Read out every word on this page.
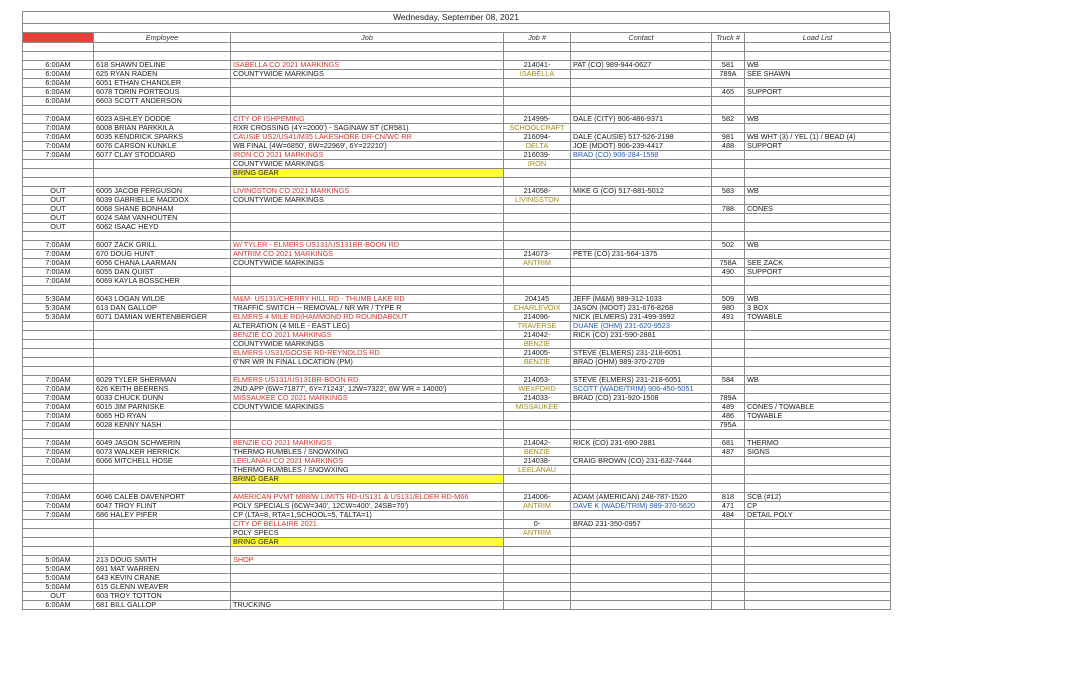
Wednesday, September 08, 2021
Time	Employee	Job	Job #	Contact	Truck #	Load List

6:00AM	618 SHAWN DELINE	ISABELLA CO 2021 MARKINGS	214041-	PAT (CO) 989-944-0627	581	WB
6:00AM	625 RYAN RADEN	COUNTYWIDE MARKINGS	ISABELLA		789A	SEE SHAWN
6:00AM	6051 ETHAN CHANDLER					
6:00AM	6078 TORIN PORTEOUS				465	SUPPORT
6:00AM	6603 SCOTT ANDERSON					

7:00AM	6023 ASHLEY DODDE	CITY OF ISHPEMING	214995-	DALE (CITY) 906-486-9371	582	WB
7:00AM	6008 BRIAN PARKKILA	RXR CROSSING (4Y=2000') - SAGINAW ST (CR581)	SCHOOLCRAFT			
7:00AM	6035 KENDRICK SPARKS	CAUSIE US2/US41/M35 LAKESHORE DR-CN/WC RR	216094-	DALE (CAUSIE) 517-526-2198	981	WB WHT (3) / YEL (1) / BEAD (4)
7:00AM	6076 CARSON KUNKLE	WB FINAL (4W=6850', 6W=22969', 6Y=22210')	DELTA	JOE (MDOT) 906-239-4417	488	SUPPORT
7:00AM	6077 CLAY STODDARD	IRON CO 2021 MARKINGS	216039-	BRAD (CO) 906-284-1598		
		COUNTYWIDE MARKINGS	IRON			
		BRING GEAR				

OUT	6005 JACOB FERGUSON	LIVINGSTON CO 2021 MARKINGS	214058-	MIKE G (CO) 517-881-5012	583	WB
OUT	6039 GABRIELLE MADDOX	COUNTYWIDE MARKINGS	LIVINGSTON			
OUT	6068 SHANE BONHAM				788	CONES
OUT	6024 SAM VANHOUTEN					
OUT	6062 ISAAC HEYD					

7:00AM	6007 ZACK GRILL	W/ TYLER - ELMERS US131/US131BR-BOON RD			502	WB
7:00AM	670 DOUG HUNT	ANTRIM CO 2021 MARKINGS	214073-	PETE (CO) 231-564-1375		
7:00AM	6056 CHANA LAARMAN	COUNTYWIDE MARKINGS	ANTRIM		758A	SEE ZACK
7:00AM	6055 DAN QUIST				490	SUPPORT
7:00AM	6069 KAYLA BOSSCHER					

5:30AM	6043 LOGAN WILDE	M&M- US131/CHERRY HILL RD - THUMB LAKE RD	204145	JEFF (M&M) 989-312-1033	509	WB
5:30AM	613 DAN GALLOP	TRAFFIC SWITCH -- REMOVAL / NR WR / TYPE R	CHARLEVOIX	JASON (MDOT) 231-676-8268	980	3 BOX
5:30AM	6071 DAMIAN WERTENBERGER	ELMERS 4 MILE RD/HAMMOND RD ROUNDABOUT	214096-	NICK (ELMERS) 231-499-3992	491	TOWABLE
		ALTERATION (4 MILE - EAST LEG)	TRAVERSE	DUANE (OHM) 231-620-9523		
		BENZIE CO 2021 MARKINGS	214042-	RICK (CO) 231-590-2881		
		COUNTYWIDE MARKINGS	BENZIE			
		ELMERS US31/GOOSE RD-REYNOLDS RD	214005-	STEVE (ELMERS) 231-218-6051		
		6"NR WR IN FINAL LOCATION (PM)	BENZIE	BRAD (OHM) 989-370-2709		

7:00AM	6029 TYLER SHERMAN	ELMERS US131/US131BR-BOON RD	214053-	STEVE (ELMERS) 231-218-6051	584	WB
7:00AM	626 KEITH BEERENS	2ND APP (6W=71877', 6Y=71243', 12W=7322', 6W WR = 14000')	WEXFORD	SCOTT (WADE/TRIM) 906-450-5051		
7:00AM	6033 CHUCK DUNN	MISSAUKEE CO 2021 MARKINGS	214033-	BRAD (CO) 231-920-1508	789A	
7:00AM	6015 JIM PARNISKE	COUNTYWIDE MARKINGS	MISSAUKEE		489	CONES / TOWABLE
7:00AM	6065 HD RYAN				486	TOWABLE
7:00AM	6028 KENNY NASH				795A	

7:00AM	6049 JASON SCHWERIN	BENZIE CO 2021 MARKINGS	214042-	RICK (CO) 231-690-2881	681	THERMO
7:00AM	6073 WALKER HERRICK	THERMO RUMBLES / SNOWXING	BENZIE		487	SIGNS
7:00AM	6066 MITCHELL HOSE	LEELANAU CO 2021 MARKINGS	214038-	CRAIG BROWN (CO) 231-632-7444		
		THERMO RUMBLES / SNOWXING	LEELANAU			
		BRING GEAR				

7:00AM	6046 CALEB DAVENPORT	AMERICAN PVMT M88/W LIMITS RD-US131 & US131/ELDER RD-M66	214006-	ADAM (AMERICAN) 248-787-1520	818	SCB (#12)
7:00AM	6047 TROY FLINT	POLY SPECIALS (6CW=340', 12CW=400', 24SB=70')	ANTRIM	DAVE K (WADE/TRIM) 989-370-5620	471	CP
7:00AM	686 HALEY PIFER	CP (LTA=8, RTA=1,SCHOOL=5, T&LTA=1)			484	DETAIL POLY
		CITY OF BELLAIRE 2021	0-	BRAD 231-350-0957		
		POLY SPECS	ANTRIM			
		BRING GEAR				

5:00AM	213 DOUG SMITH	SHOP				
5:00AM	691 MAT WARREN					
5:00AM	643 KEVIN CRANE					
5:00AM	615 GLENN WEAVER					
OUT	603 TROY TOTTON					
6:00AM	681 BILL GALLOP	TRUCKING				
